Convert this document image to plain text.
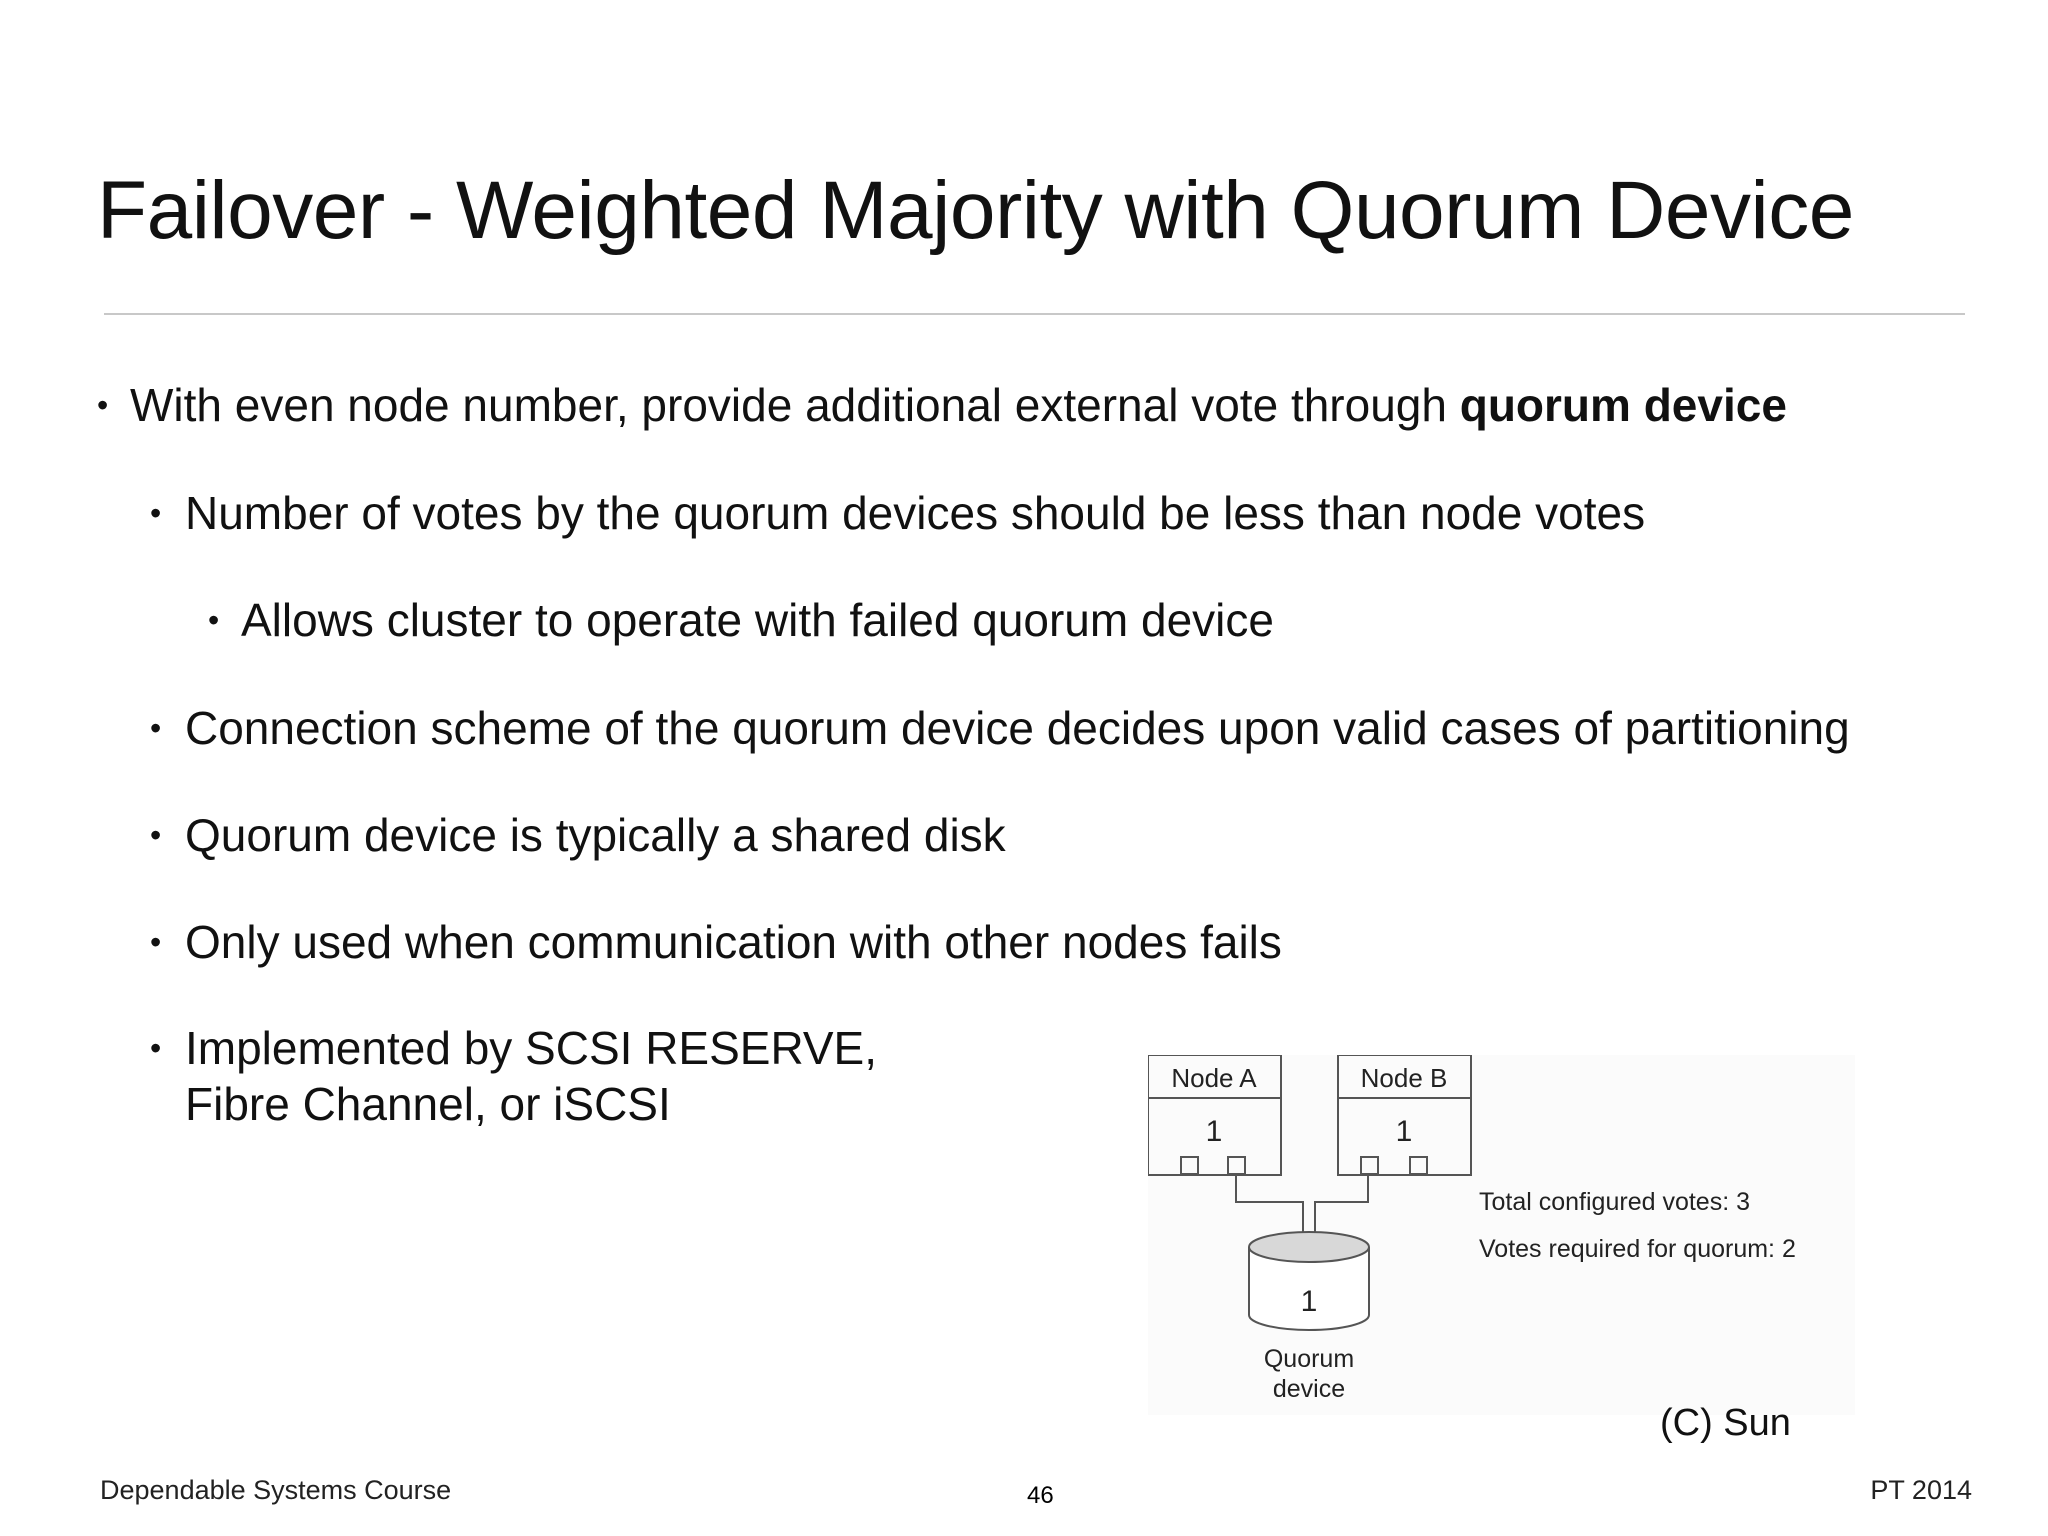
Failover - Weighted Majority with Quorum Device
• With even node number, provide additional external vote through quorum device
• Number of votes by the quorum devices should be less than node votes
• Allows cluster to operate with failed quorum device
• Connection scheme of the quorum device decides upon valid cases of partitioning
• Quorum device is typically a shared disk
• Only used when communication with other nodes fails
• Implemented by SCSI RESERVE,
Fibre Channel, or iSCSI	Node A
1
Node B
1
1
Quorum
device
Total configured votes: 3
Votes required for quorum: 2
(C) Sun
Dependable Systems Course	46	PT 2014
